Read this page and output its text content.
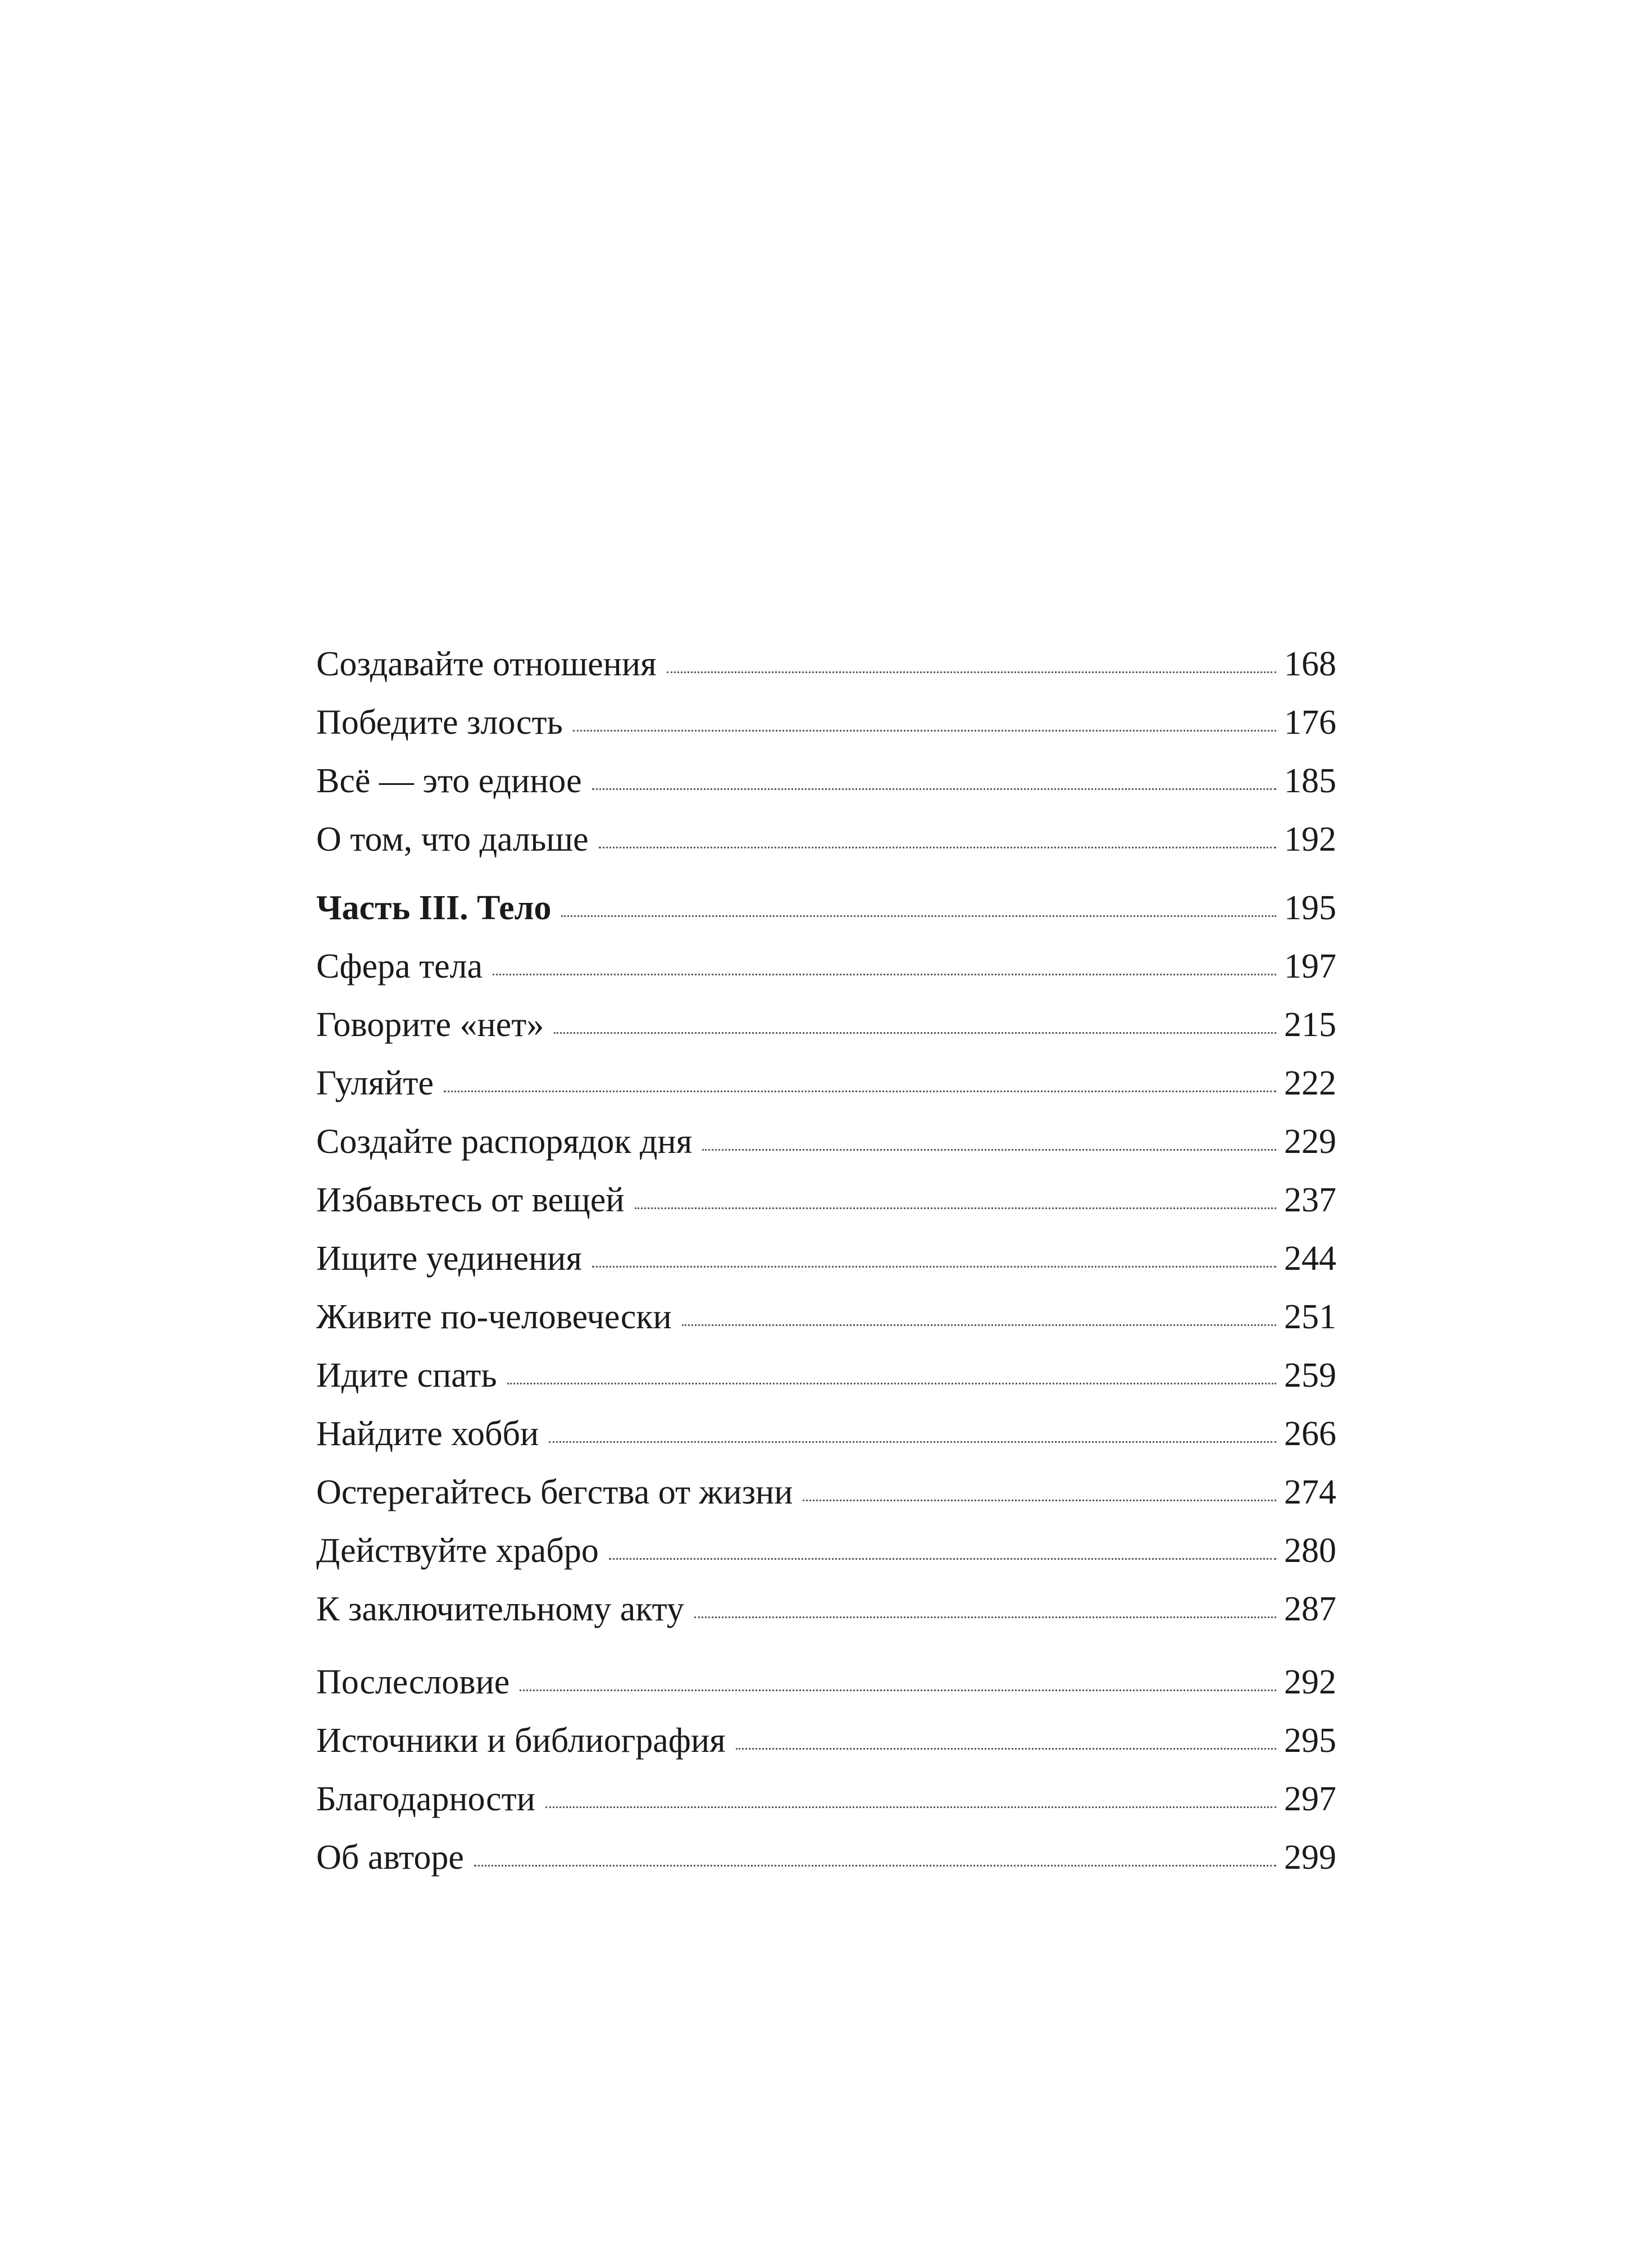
Создавайте отношения	168
Победите злость	176
Всё — это единое	185
О том, что дальше	192
Часть III. Тело	195
Сфера тела	197
Говорите «нет»	215
Гуляйте	222
Создайте распорядок дня	229
Избавьтесь от вещей	237
Ищите уединения	244
Живите по-человечески	251
Идите спать	259
Найдите хобби	266
Остерегайтесь бегства от жизни	274
Действуйте храбро	280
К заключительному акту	287
Послесловие	292
Источники и библиография	295
Благодарности	297
Об авторе	299
